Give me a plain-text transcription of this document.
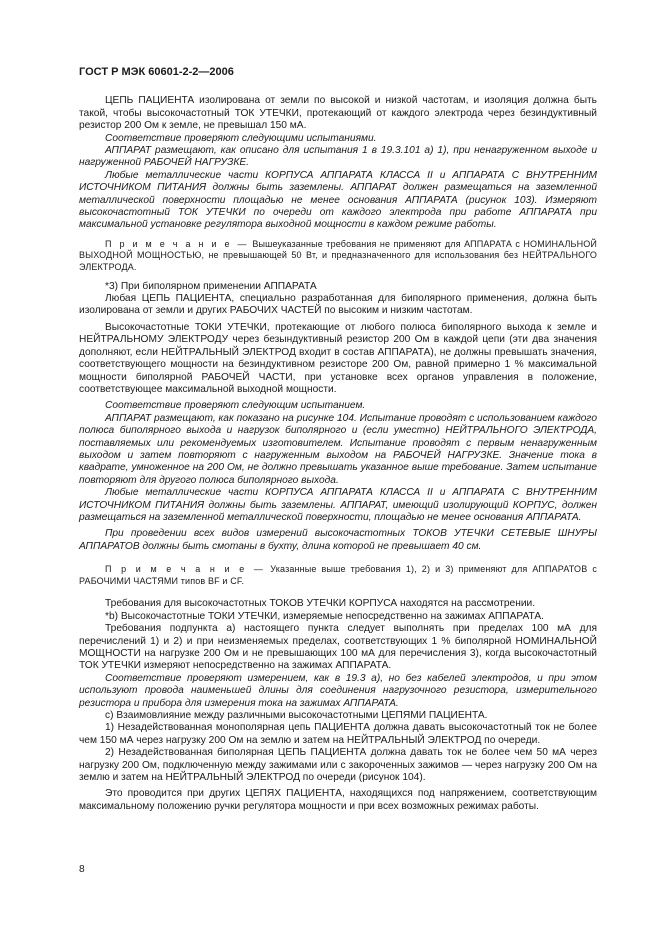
ГОСТ Р МЭК 60601-2-2—2006

ЦЕПЬ ПАЦИЕНТА изолирована от земли по высокой и низкой частотам, и изоляция должна быть такой, чтобы высокочастотный ТОК УТЕЧКИ, протекающий от каждого электрода через безиндуктивный резистор 200 Ом к земле, не превышал 150 мА.

Соответствие проверяют следующими испытаниями.

АППАРАТ размещают, как описано для испытания 1 в 19.3.101 а) 1), при ненагруженном выходе и нагруженной РАБОЧЕЙ НАГРУЗКЕ.

Любые металлические части КОРПУСА АППАРАТА КЛАССА II и АППАРАТА С ВНУТРЕННИМ ИСТОЧНИКОМ ПИТАНИЯ должны быть заземлены. АППАРАТ должен размещаться на заземленной металлической поверхности площадью не менее основания АППАРАТА (рисунок 103). Измеряют высокочастотный ТОК УТЕЧКИ по очереди от каждого электрода при работе АППАРАТА при максимальной установке регулятора выходной мощности в каждом режиме работы.

П р и м е ч а н и е — Вышеуказанные требования не применяют для АППАРАТА с НОМИНАЛЬНОЙ ВЫХОДНОЙ МОЩНОСТЬЮ, не превышающей 50 Вт, и предназначенного для использования без НЕЙТРАЛЬНОГО ЭЛЕКТРОДА.

*3) При биполярном применении АППАРАТА

Любая ЦЕПЬ ПАЦИЕНТА, специально разработанная для биполярного применения, должна быть изолирована от земли и других РАБОЧИХ ЧАСТЕЙ по высоким и низким частотам.

Высокочастотные ТОКИ УТЕЧКИ, протекающие от любого полюса биполярного выхода к земле и НЕЙТРАЛЬНОМУ ЭЛЕКТРОДУ через безындуктивный резистор 200 Ом в каждой цепи (эти два значения дополняют, если НЕЙТРАЛЬНЫЙ ЭЛЕКТРОД входит в состав АППАРАТА), не должны превышать значения, соответствующего мощности на безиндуктивном резисторе 200 Ом, равной примерно 1 % максимальной мощности биполярной РАБОЧЕЙ ЧАСТИ, при установке всех органов управления в положение, соответствующее максимальной выходной мощности.

Соответствие проверяют следующим испытанием.

АППАРАТ размещают, как показано на рисунке 104. Испытание проводят с использованием каждого полюса биполярного выхода и нагрузок биполярного и (если уместно) НЕЙТРАЛЬНОГО ЭЛЕКТРОДА, поставляемых или рекомендуемых изготовителем. Испытание проводят с первым ненагруженным выходом и затем повторяют с нагруженным выходом на РАБОЧЕЙ НАГРУЗКЕ. Значение тока в квадрате, умноженное на 200 Ом, не должно превышать указанное выше требование. Затем испытание повторяют для другого полюса биполярного выхода.

Любые металлические части КОРПУСА АППАРАТА КЛАССА II и АППАРАТА С ВНУТРЕННИМ ИСТОЧНИКОМ ПИТАНИЯ должны быть заземлены. АППАРАТ, имеющий изолирующий КОРПУС, должен размещаться на заземленной металлической поверхности, площадью не менее основания АППАРАТА.

При проведении всех видов измерений высокочастотных ТОКОВ УТЕЧКИ СЕТЕВЫЕ ШНУРЫ АППАРАТОВ должны быть смотаны в бухту, длина которой не превышает 40 см.

П р и м е ч а н и е — Указанные выше требования 1), 2) и 3) применяют для АППАРАТОВ с РАБОЧИМИ ЧАСТЯМИ типов BF и CF.

Требования для высокочастотных ТОКОВ УТЕЧКИ КОРПУСА находятся на рассмотрении.

*b) Высокочастотные ТОКИ УТЕЧКИ, измеряемые непосредственно на зажимах АППАРАТА.

Требования подпункта а) настоящего пункта следует выполнять при пределах 100 мА для перечислений 1) и 2) и при неизменяемых пределах, соответствующих 1 % биполярной НОМИНАЛЬНОЙ МОЩНОСТИ на нагрузке 200 Ом и не превышающих 100 мА для перечисления 3), когда высокочастотный ТОК УТЕЧКИ измеряют непосредственно на зажимах АППАРАТА.

Соответствие проверяют измерением, как в 19.3 а), но без кабелей электродов, и при этом используют провода наименьшей длины для соединения нагрузочного резистора, измерительного резистора и прибора для измерения тока на зажимах АППАРАТА.

с) Взаимовлияние между различными высокочастотными ЦЕПЯМИ ПАЦИЕНТА.

1) Незадействованная монополярная цепь ПАЦИЕНТА должна давать высокочастотный ток не более чем 150 мА через нагрузку 200 Ом на землю и затем на НЕЙТРАЛЬНЫЙ ЭЛЕКТРОД по очереди.

2) Незадействованная биполярная ЦЕПЬ ПАЦИЕНТА должна давать ток не более чем 50 мА через нагрузку 200 Ом, подключенную между зажимами или с закороченных зажимов — через нагрузку 200 Ом на землю и затем на НЕЙТРАЛЬНЫЙ ЭЛЕКТРОД по очереди (рисунок 104).

Это проводится при других ЦЕПЯХ ПАЦИЕНТА, находящихся под напряжением, соответствующим максимальному положению ручки регулятора мощности и при всех возможных режимах работы.

8
